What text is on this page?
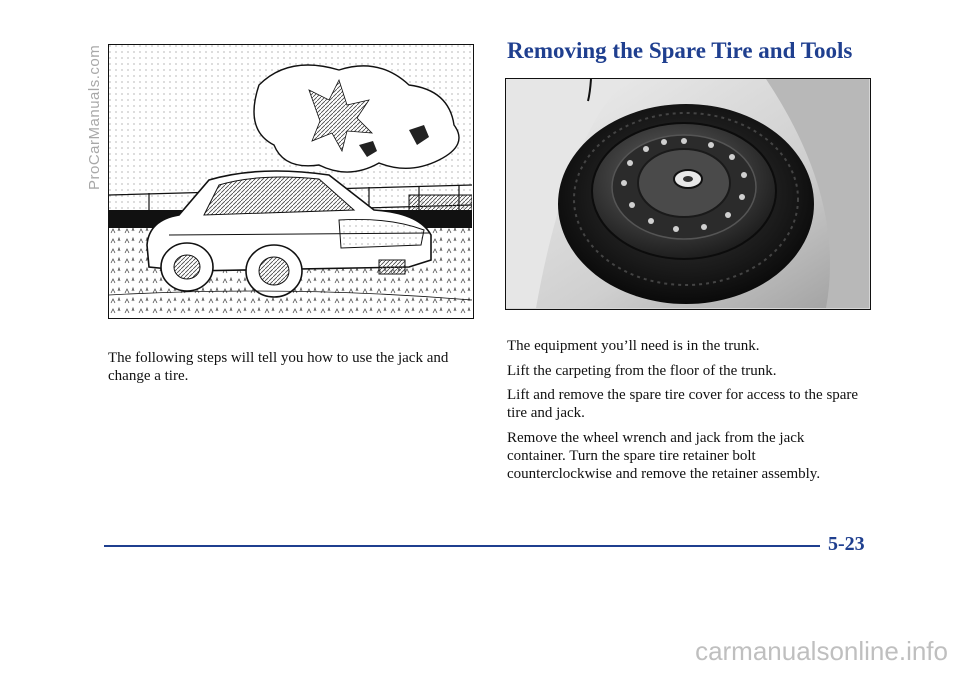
ProCarManuals.com

The following steps will tell you how to use the jack and change a tire.

Removing the Spare Tire and Tools

The equipment you’ll need is in the trunk.

Lift the carpeting from the floor of the trunk.

Lift and remove the spare tire cover for access to the spare tire and jack.

Remove the wheel wrench and jack from the jack container. Turn the spare tire retainer bolt counterclockwise and remove the retainer assembly.

5-23

carmanualsonline.info
